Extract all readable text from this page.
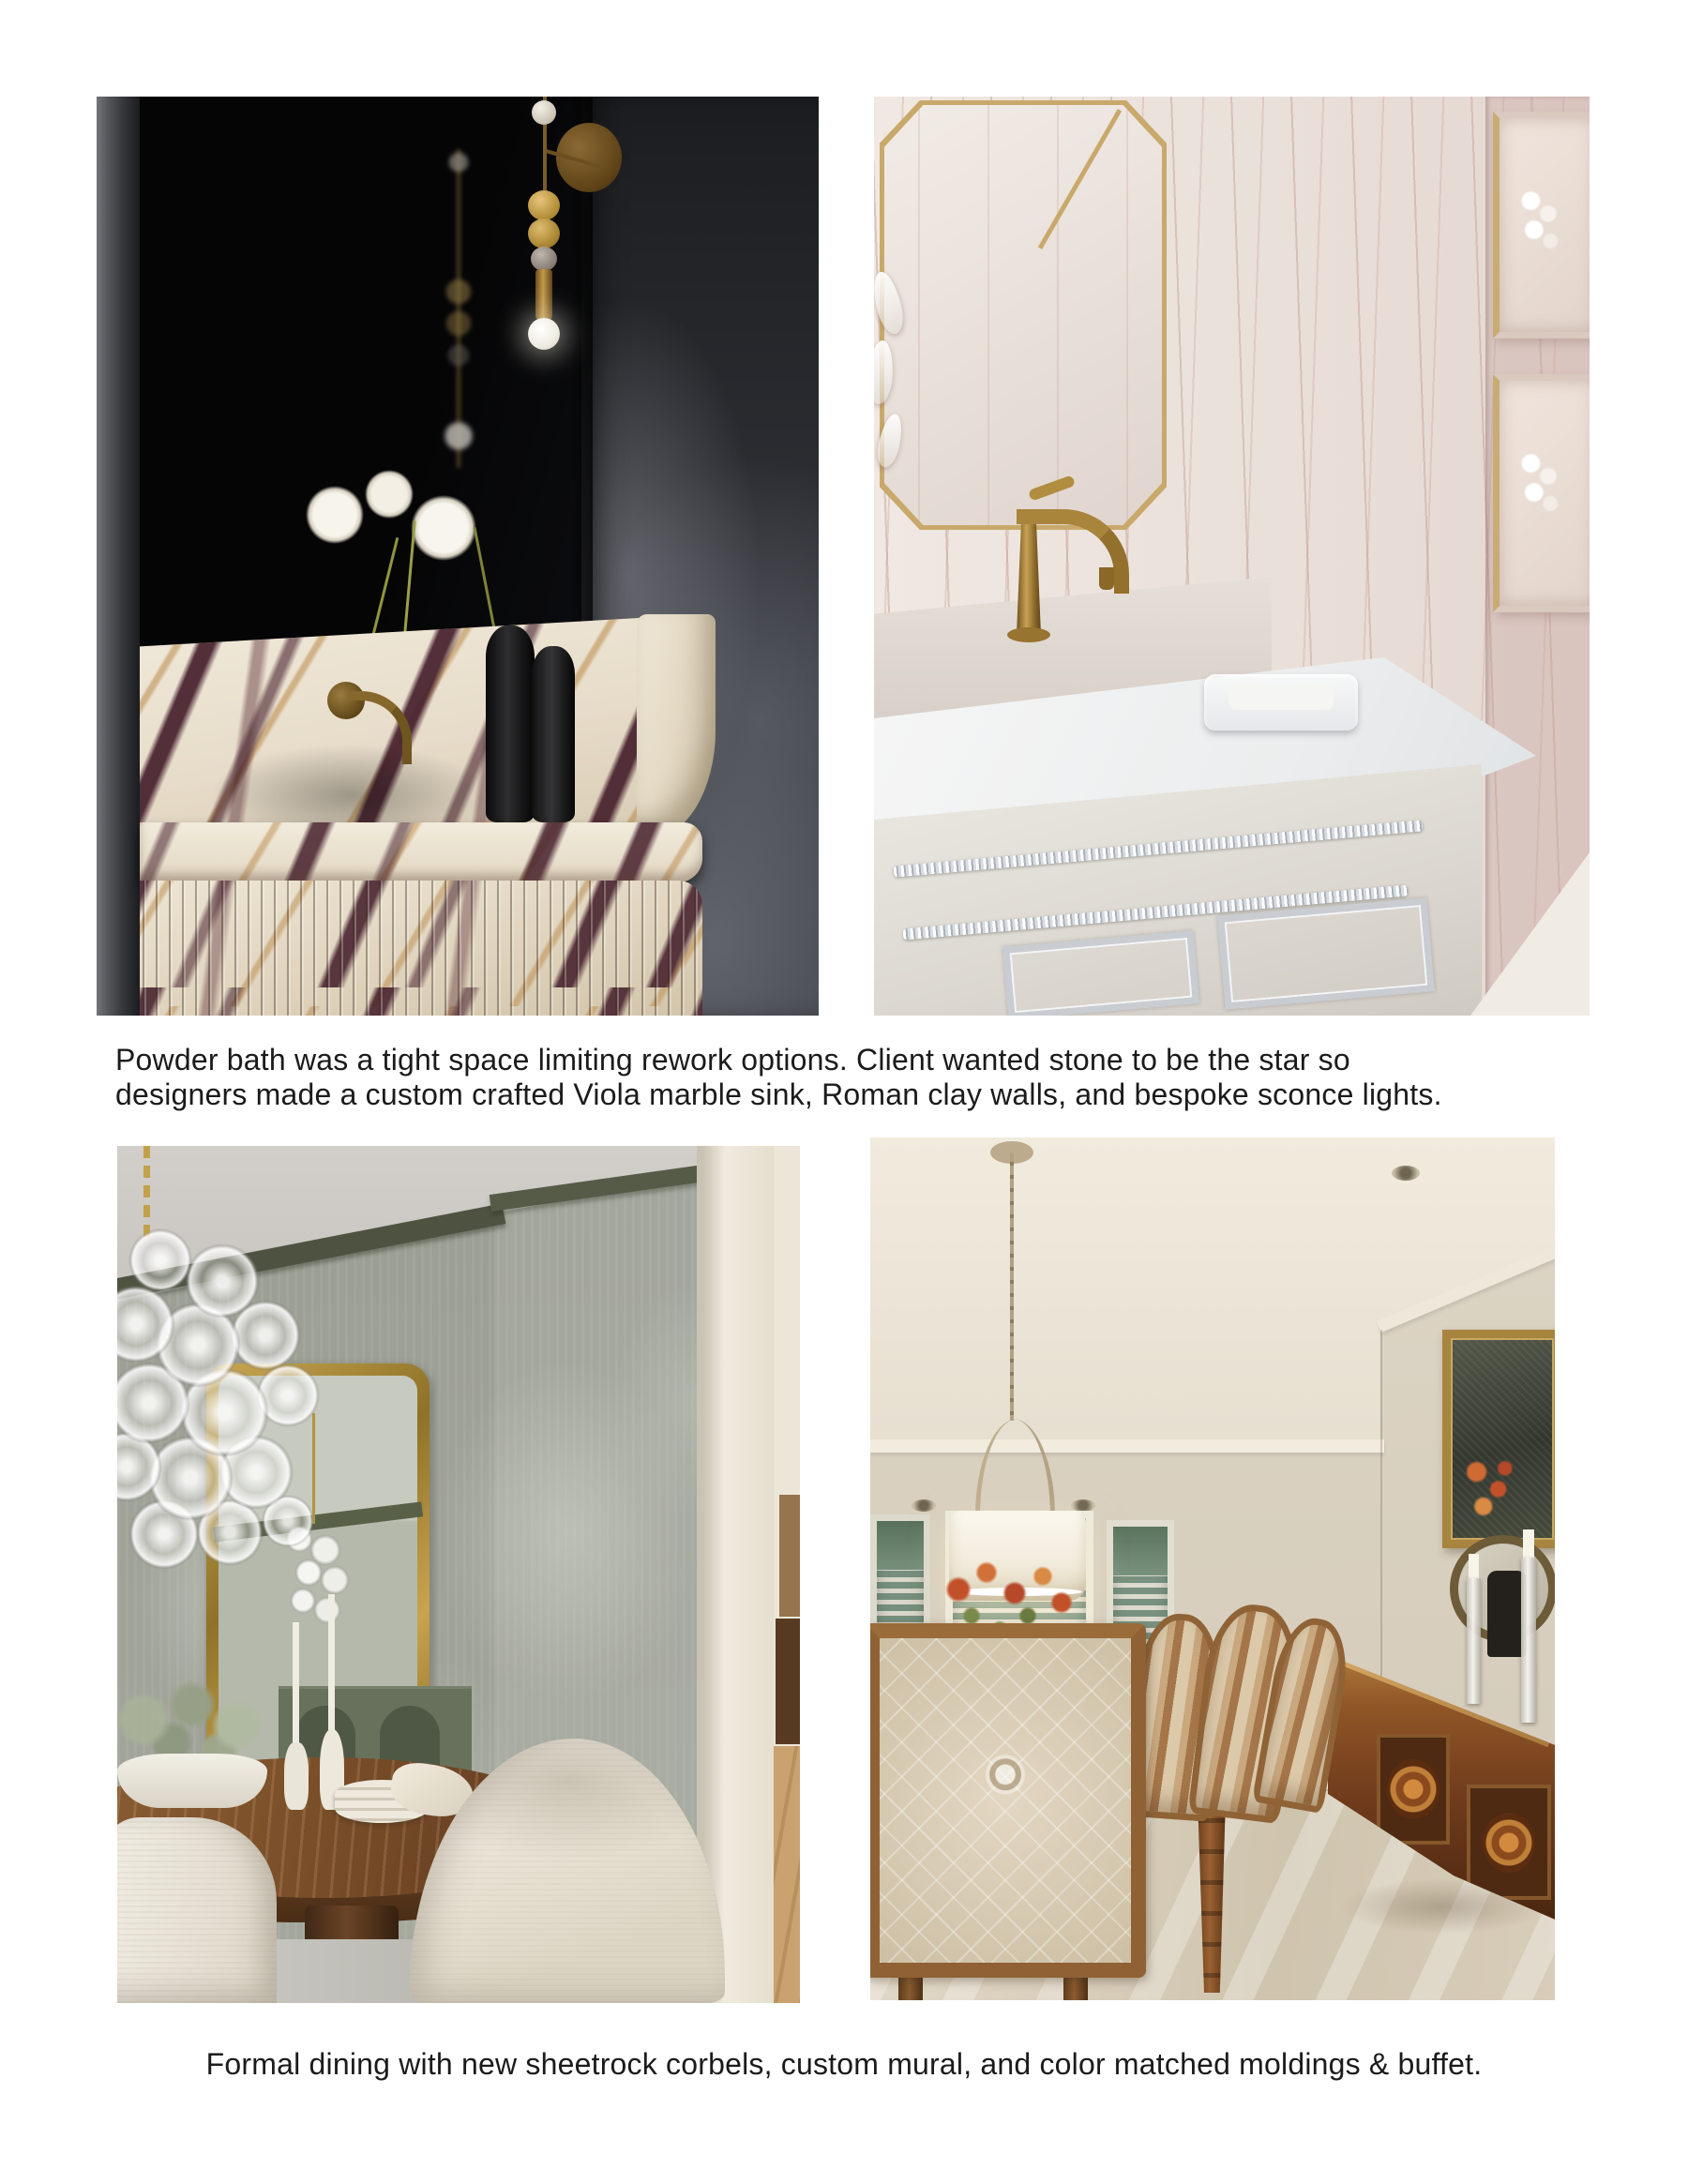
Powder bath was a tight space limiting rework options. Client wanted stone to be the star so
designers made a custom crafted Viola marble sink, Roman clay walls, and bespoke sconce lights.
Formal dining with new sheetrock corbels, custom mural, and color matched moldings & buffet.
